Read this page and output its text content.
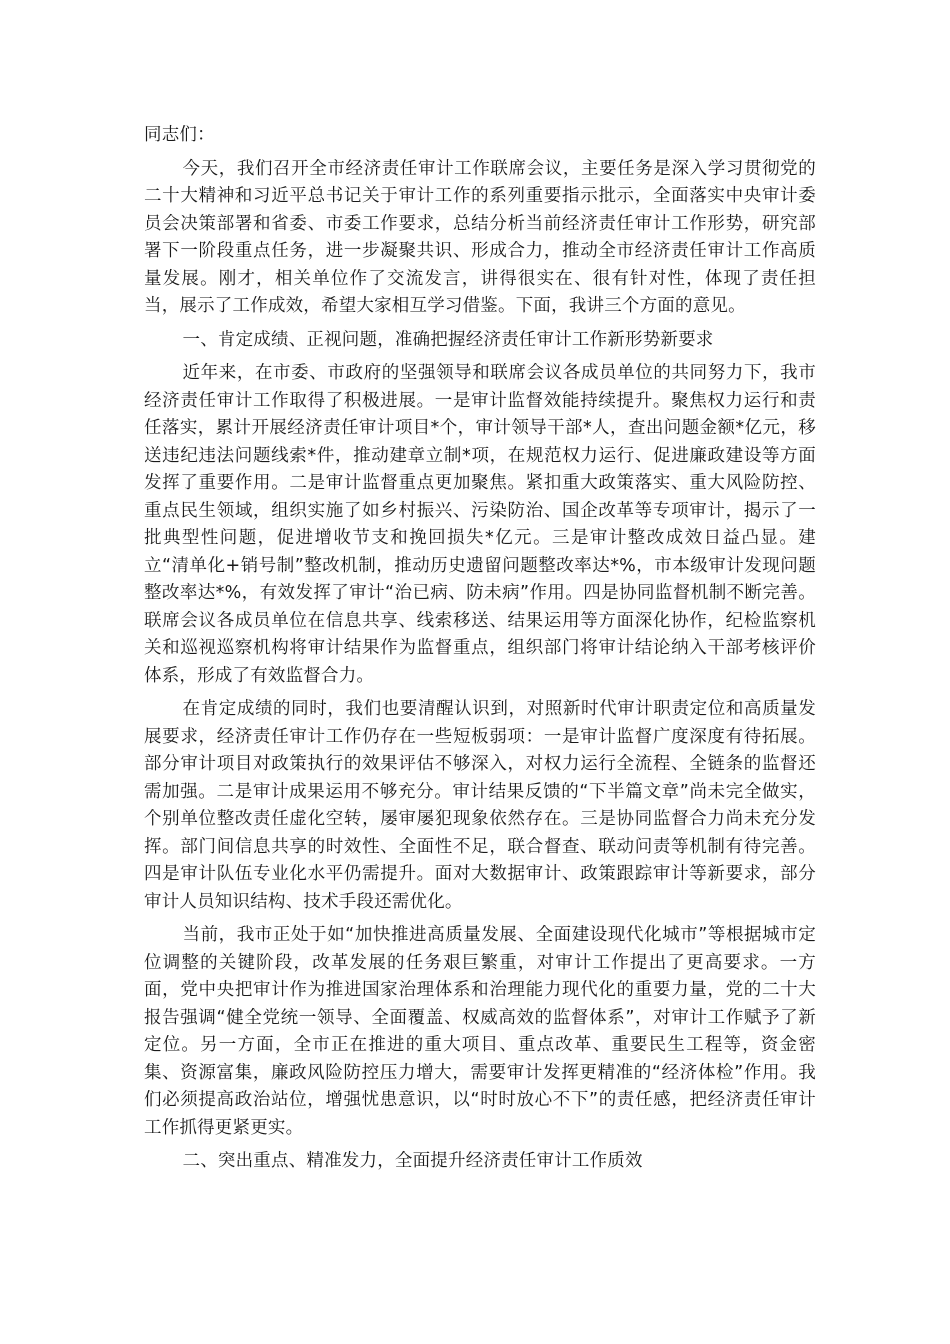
同志们：

今天，我们召开全市经济责任审计工作联席会议，主要任务是深入学习贯彻党的二十大精神和习近平总书记关于审计工作的系列重要指示批示，全面落实中央审计委员会决策部署和省委、市委工作要求，总结分析当前经济责任审计工作形势，研究部署下一阶段重点任务，进一步凝聚共识、形成合力，推动全市经济责任审计工作高质量发展。刚才，相关单位作了交流发言，讲得很实在、很有针对性，体现了责任担当，展示了工作成效，希望大家相互学习借鉴。下面，我讲三个方面的意见。

一、肯定成绩、正视问题，准确把握经济责任审计工作新形势新要求

近年来，在市委、市政府的坚强领导和联席会议各成员单位的共同努力下，我市经济责任审计工作取得了积极进展。一是审计监督效能持续提升。聚焦权力运行和责任落实，累计开展经济责任审计项目*个，审计领导干部*人，查出问题金额*亿元，移送违纪违法问题线索*件，推动建章立制*项，在规范权力运行、促进廉政建设等方面发挥了重要作用。二是审计监督重点更加聚焦。紧扣重大政策落实、重大风险防控、重点民生领域，组织实施了如乡村振兴、污染防治、国企改革等专项审计，揭示了一批典型性问题，促进增收节支和挽回损失*亿元。三是审计整改成效日益凸显。建立“清单化+销号制”整改机制，推动历史遗留问题整改率达*%，市本级审计发现问题整改率达*%，有效发挥了审计“治已病、防未病”作用。四是协同监督机制不断完善。联席会议各成员单位在信息共享、线索移送、结果运用等方面深化协作，纪检监察机关和巡视巡察机构将审计结果作为监督重点，组织部门将审计结论纳入干部考核评价体系，形成了有效监督合力。

在肯定成绩的同时，我们也要清醒认识到，对照新时代审计职责定位和高质量发展要求，经济责任审计工作仍存在一些短板弱项：一是审计监督广度深度有待拓展。部分审计项目对政策执行的效果评估不够深入，对权力运行全流程、全链条的监督还需加强。二是审计成果运用不够充分。审计结果反馈的“下半篇文章”尚未完全做实，个别单位整改责任虚化空转，屡审屡犯现象依然存在。三是协同监督合力尚未充分发挥。部门间信息共享的时效性、全面性不足，联合督查、联动问责等机制有待完善。四是审计队伍专业化水平仍需提升。面对大数据审计、政策跟踪审计等新要求，部分审计人员知识结构、技术手段还需优化。

当前，我市正处于如“加快推进高质量发展、全面建设现代化城市”等根据城市定位调整的关键阶段，改革发展的任务艰巨繁重，对审计工作提出了更高要求。一方面，党中央把审计作为推进国家治理体系和治理能力现代化的重要力量，党的二十大报告强调“健全党统一领导、全面覆盖、权威高效的监督体系”，对审计工作赋予了新定位。另一方面，全市正在推进的重大项目、重点改革、重要民生工程等，资金密集、资源富集，廉政风险防控压力增大，需要审计发挥更精准的“经济体检”作用。我们必须提高政治站位，增强忧患意识，以“时时放心不下”的责任感，把经济责任审计工作抓得更紧更实。

二、突出重点、精准发力，全面提升经济责任审计工作质效
